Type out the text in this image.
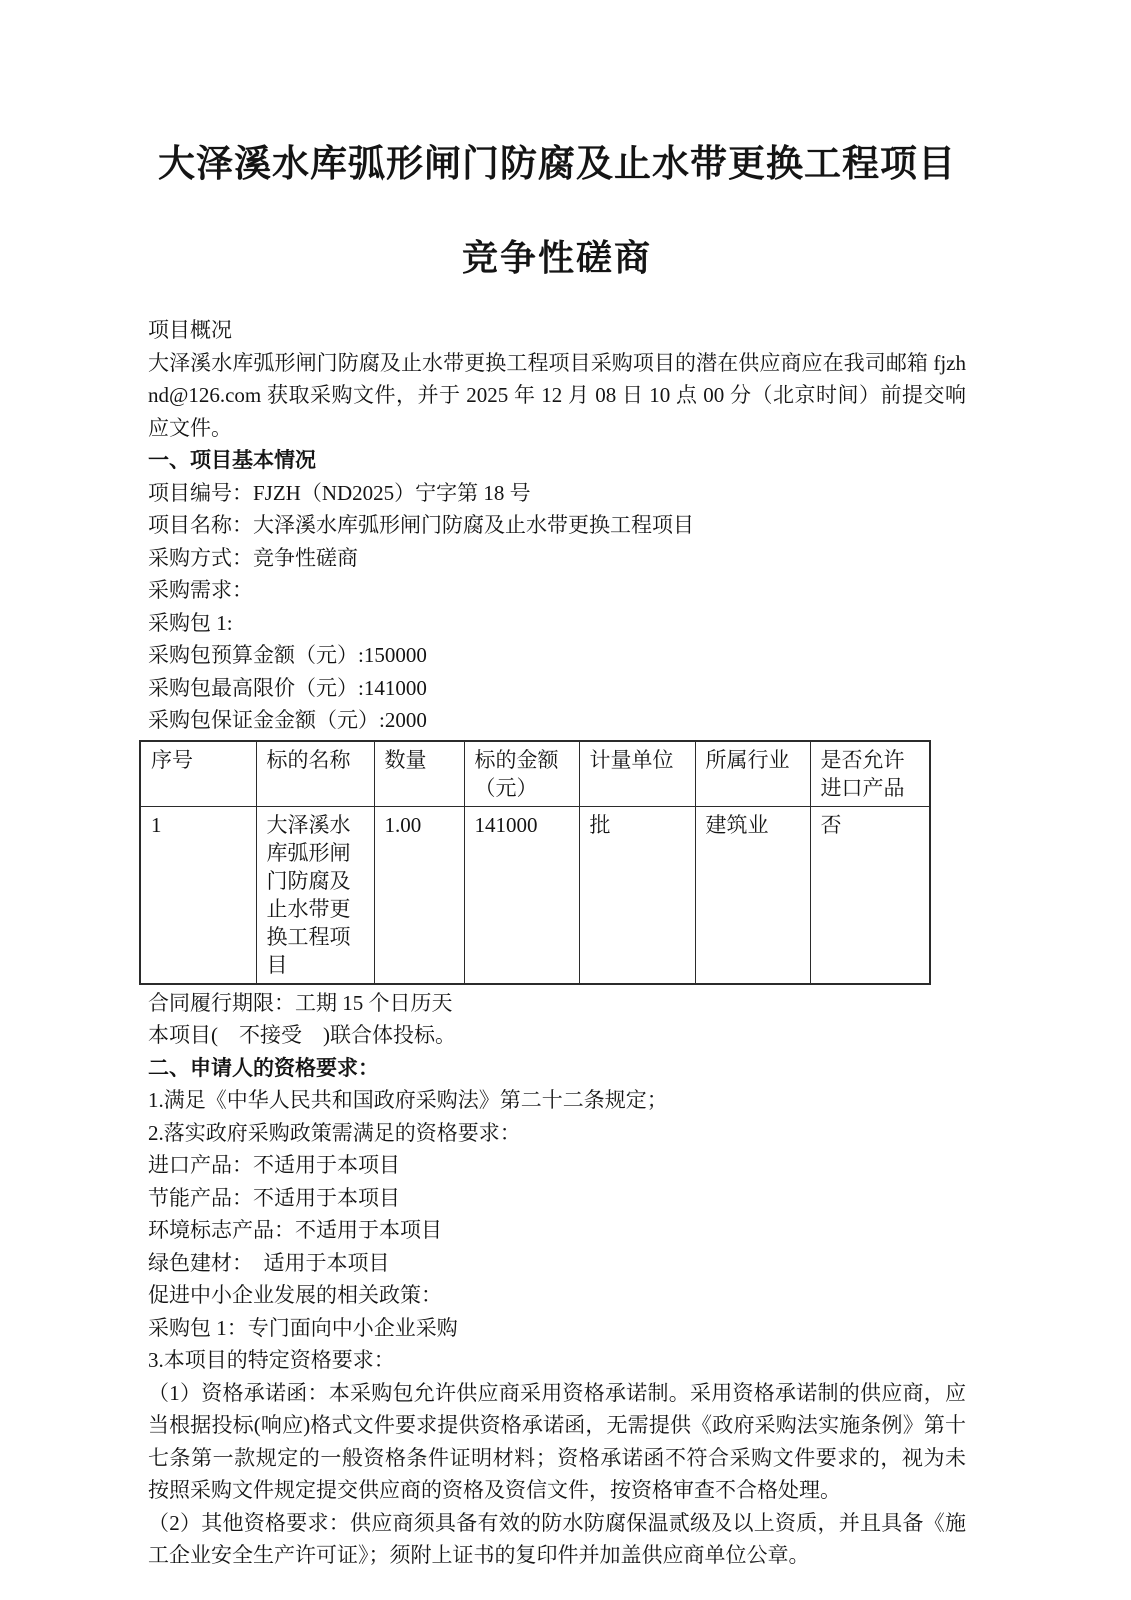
大泽溪水库弧形闸门防腐及止水带更换工程项目
竞争性磋商
项目概况

大泽溪水库弧形闸门防腐及止水带更换工程项目采购项目的潜在供应商应在我司邮箱 fjzhnd@126.com 获取采购文件，并于 2025 年 12 月 08 日 10 点 00 分（北京时间）前提交响应文件。

一、项目基本情况
项目编号：FJZH（ND2025）宁字第 18 号
项目名称：大泽溪水库弧形闸门防腐及止水带更换工程项目
采购方式：竞争性磋商
采购需求：
采购包 1:
采购包预算金额（元）:150000
采购包最高限价（元）:141000
采购包保证金金额（元）:2000
序号	标的名称	数量	标的金额（元）	计量单位	所属行业	是否允许进口产品
1	大泽溪水库弧形闸门防腐及止水带更换工程项目	1.00	141000	批	建筑业	否
合同履行期限：工期 15 个日历天
本项目(　不接受　)联合体投标。
二、申请人的资格要求：
1.满足《中华人民共和国政府采购法》第二十二条规定；
2.落实政府采购政策需满足的资格要求：
进口产品：不适用于本项目
节能产品：不适用于本项目
环境标志产品：不适用于本项目
绿色建材：　适用于本项目
促进中小企业发展的相关政策：
采购包 1：专门面向中小企业采购
3.本项目的特定资格要求：

（1）资格承诺函：本采购包允许供应商采用资格承诺制。采用资格承诺制的供应商，应当根据投标(响应)格式文件要求提供资格承诺函，无需提供《政府采购法实施条例》第十七条第一款规定的一般资格条件证明材料；资格承诺函不符合采购文件要求的，视为未按照采购文件规定提交供应商的资格及资信文件，按资格审查不合格处理。

（2）其他资格要求：供应商须具备有效的防水防腐保温贰级及以上资质，并且具备《施工企业安全生产许可证》；须附上证书的复印件并加盖供应商单位公章。
